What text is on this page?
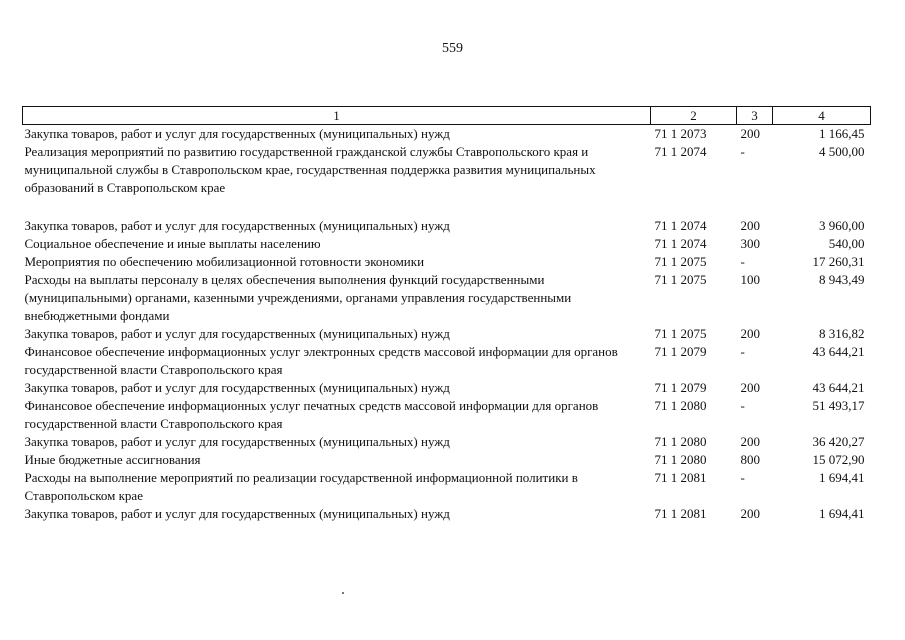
559
1	2	3	4
Закупка товаров, работ и услуг для государственных (муниципальных) нужд	71 1 2073	200	1 166,45
Реализация мероприятий по развитию государственной гражданской службы Ставропольского края и муниципальной службы в Ставропольском крае, государственная поддержка развития муниципальных образований в Ставропольском крае	71 1 2074	-	4 500,00
Закупка товаров, работ и услуг для государственных (муниципальных) нужд	71 1 2074	200	3 960,00
Социальное обеспечение и иные выплаты населению	71 1 2074	300	540,00
Мероприятия по обеспечению мобилизационной готовности экономики	71 1 2075	-	17 260,31
Расходы на выплаты персоналу в целях обеспечения выполнения функций государственными (муниципальными) органами, казенными учреждениями, органами управления государственными внебюджетными фондами	71 1 2075	100	8 943,49
Закупка товаров, работ и услуг для государственных (муниципальных) нужд	71 1 2075	200	8 316,82
Финансовое обеспечение информационных услуг электронных средств массовой информации для органов государственной власти Ставропольского края	71 1 2079	-	43 644,21
Закупка товаров, работ и услуг для государственных (муниципальных) нужд	71 1 2079	200	43 644,21
Финансовое обеспечение информационных услуг печатных средств массовой информации для органов государственной власти Ставропольского края	71 1 2080	-	51 493,17
Закупка товаров, работ и услуг для государственных (муниципальных) нужд	71 1 2080	200	36 420,27
Иные бюджетные ассигнования	71 1 2080	800	15 072,90
Расходы на выполнение мероприятий по реализации государственной информационной политики в Ставропольском крае	71 1 2081	-	1 694,41
Закупка товаров, работ и услуг для государственных (муниципальных) нужд	71 1 2081	200	1 694,41
